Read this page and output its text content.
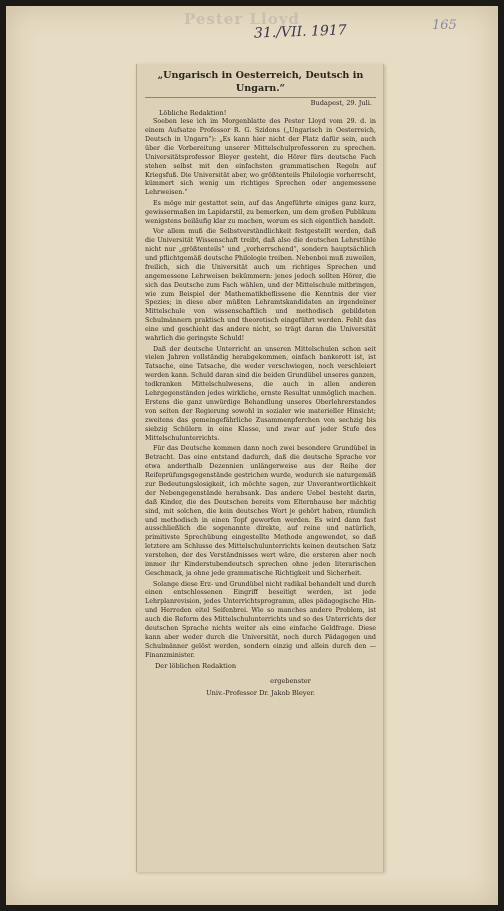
Pester Lloyd
31./VII. 1917	165
„Ungarisch in Oesterreich, Deutsch in Ungarn.“
Budapest, 29. Juli.
Löbliche Redaktion!

Soeben lese ich im Morgenblatte des Pester Lloyd vom 29. d. in einem Aufsatze Professor R. G. Szidons („Ungarisch in Oesterreich, Deutsch in Ungarn“): „Es kann hier nicht der Platz dafür sein, auch über die Vorbereitung unserer Mittelschulprofessoren zu sprechen. Universitätsprofessor Bleyer gesteht, die Hörer fürs deutsche Fach stehen selbst mit den einfachsten grammatischen Regeln auf Kriegsfuß. Die Universität aber, wo größtenteils Philologie vorherrscht, kümmert sich wenig um richtiges Sprechen oder angemessene Lehrweisen.“

Es möge mir gestattet sein, auf das Angeführte einiges ganz kurz, gewissermaßen im Lapidarstil, zu bemerken, um dem großen Publikum wenigstens beiläufig klar zu machen, worum es sich eigentlich handelt.

Vor allem muß die Selbstverständlichkeit festgestellt werden, daß die Universität Wissenschaft treibt, daß also die deutschen Lehrstühle nicht nur „größtenteils“ und „vorherrschend“, sondern hauptsächlich und pflichtgemäß deutsche Philologie treiben. Nebenbei muß zuweilen, freilich, sich die Universität auch um richtiges Sprechen und angemessene Lehrweisen bekümmern: jenes jedoch sollten Hörer, die sich das Deutsche zum Fach wählen, und der Mittelschule mitbringen, wie zum Beispiel der Mathematikbeflissene die Kenntnis der vier Spezies; in diese aber müßten Lehramtskandidaten an irgendeiner Mittelschule von wissenschaftlich und methodisch gebildeten Schulmännern praktisch und theoretisch eingeführt werden. Fehlt das eine und geschieht das andere nicht, so trägt daran die Universität wahrlich die geringste Schuld!

Daß der deutsche Unterricht an unseren Mittelschulen schon seit vielen Jahren vollständig herabgekommen, einfach bankerott ist, ist Tatsache, eine Tatsache, die weder verschwiegen, noch verschleiert werden kann. Schuld daran sind die beiden Grundübel unseres ganzen, todkranken Mittelschulwesens, die auch in allen anderen Lehrgegenständen jedes wirkliche, ernste Resultat unmöglich machen. Erstens die ganz unwürdige Behandlung unseres Oberlehrerstandes von seiten der Regierung sowohl in sozialer wie materieller Hinsicht; zweitens das gemeingefährliche Zusammenpferchen von sechzig bis siebzig Schülern in eine Klasse, und zwar auf jeder Stufe des Mittelschulunterrichts.

Für das Deutsche kommen dann noch zwei besondere Grundübel in Betracht. Das eine entstand dadurch, daß die deutsche Sprache vor etwa anderthalb Dezennien unlängerweise aus der Reihe der Reifeprüfungsgegenstände gestrichen wurde, wodurch sie naturgemäß zur Bedeutungslosigkeit, ich möchte sagen, zur Unverantwortlichkeit der Nebengegenstände herabsank. Das andere Uebel besteht darin, daß Kinder, die des Deutschen bereits vom Elternhause her mächtig sind, mit solchen, die kein deutsches Wort je gehört haben, räumlich und methodisch in einen Topf geworfen werden. Es wird dann fast ausschließlich die sogenannte direkte, auf reine und natürlich, primitivste Sprechübung eingestellte Methode angewendet, so daß letztere am Schlusse des Mittelschulunterrichts keinen deutschen Satz verstehen, der des Verständnisses wert wäre, die ersteren aber noch immer ihr Kinderstubendeutsch sprechen ohne jeden literarischen Geschmack, ja ohne jede grammatische Richtigkeit und Sicherheit.

Solange diese Erz- und Grundübel nicht radikal behandelt und durch einen entschlossenen Eingriff beseitigt werden, ist jede Lehrplanrevision, jedes Unterrichtsprogramm, alles pädagogische Hin- und Herreden eitel Seifenbrei. Wie so manches andere Problem, ist auch die Reform des Mittelschulunterrichts und so des Unterrichts der deutschen Sprache nichts weiter als eine einfache Geldfrage. Diese kann aber weder durch die Universität, noch durch Pädagogen und Schulmänner gelöst werden, sondern einzig und allein durch den — Finanzminister.

Der löblichen Redaktion
ergebenster
Univ.-Professor Dr. Jakob Bleyer.
